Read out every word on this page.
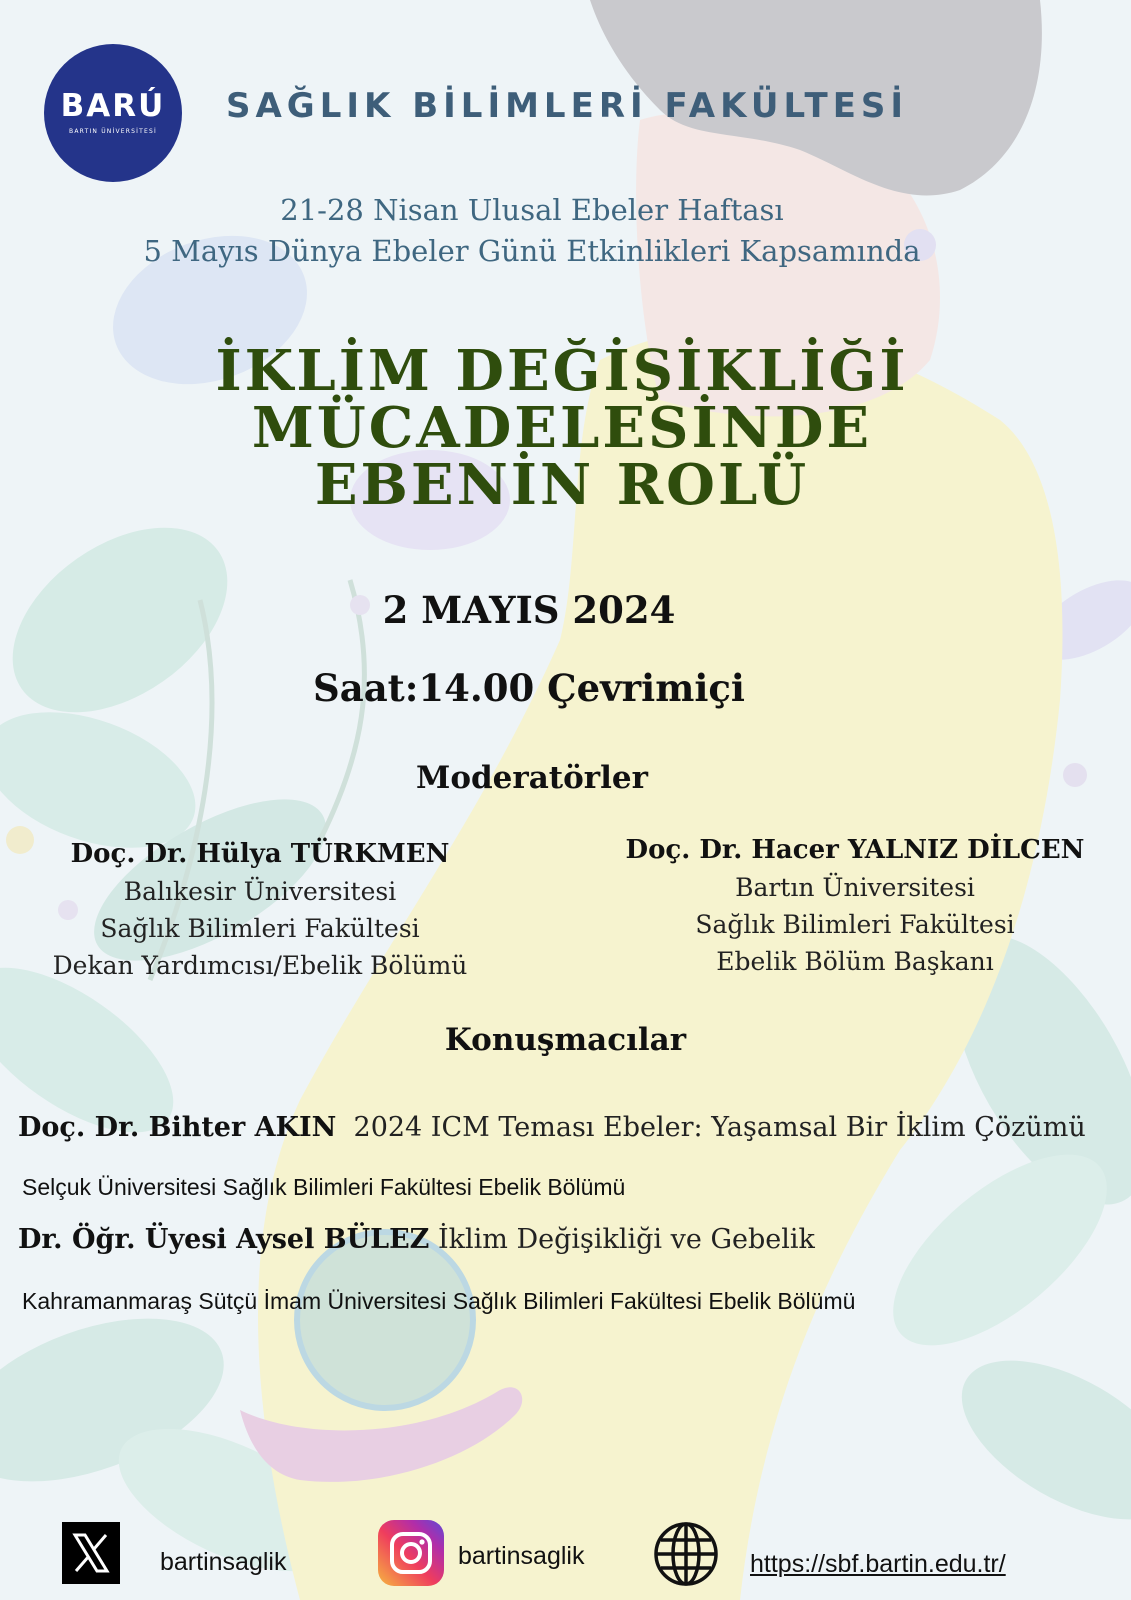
BARÚ
BARTIN ÜNİVERSİTESİ
SAĞLIK BİLİMLERİ FAKÜLTESİ
21-28 Nisan Ulusal Ebeler Haftası
5 Mayıs Dünya Ebeler Günü Etkinlikleri Kapsamında
İKLİM DEĞİŞİKLİĞİ
MÜCADELESİNDE
EBENİN ROLÜ
2 MAYIS 2024
Saat:14.00 Çevrimiçi
Moderatörler
Doç. Dr. Hülya TÜRKMEN
Balıkesir Üniversitesi
Sağlık Bilimleri Fakültesi
Dekan Yardımcısı/Ebelik Bölümü
Doç. Dr. Hacer YALNIZ DİLCEN
Bartın Üniversitesi
Sağlık Bilimleri Fakültesi
Ebelik Bölüm Başkanı
Konuşmacılar
Doç. Dr. Bihter AKIN 2024 ICM Teması Ebeler: Yaşamsal Bir İklim Çözümü
Selçuk Üniversitesi Sağlık Bilimleri Fakültesi Ebelik Bölümü
Dr. Öğr. Üyesi Aysel BÜLEZ İklim Değişikliği ve Gebelik
Kahramanmaraş Sütçü İmam Üniversitesi Sağlık Bilimleri Fakültesi Ebelik Bölümü
bartinsaglik	bartinsaglik	https://sbf.bartin.edu.tr/
